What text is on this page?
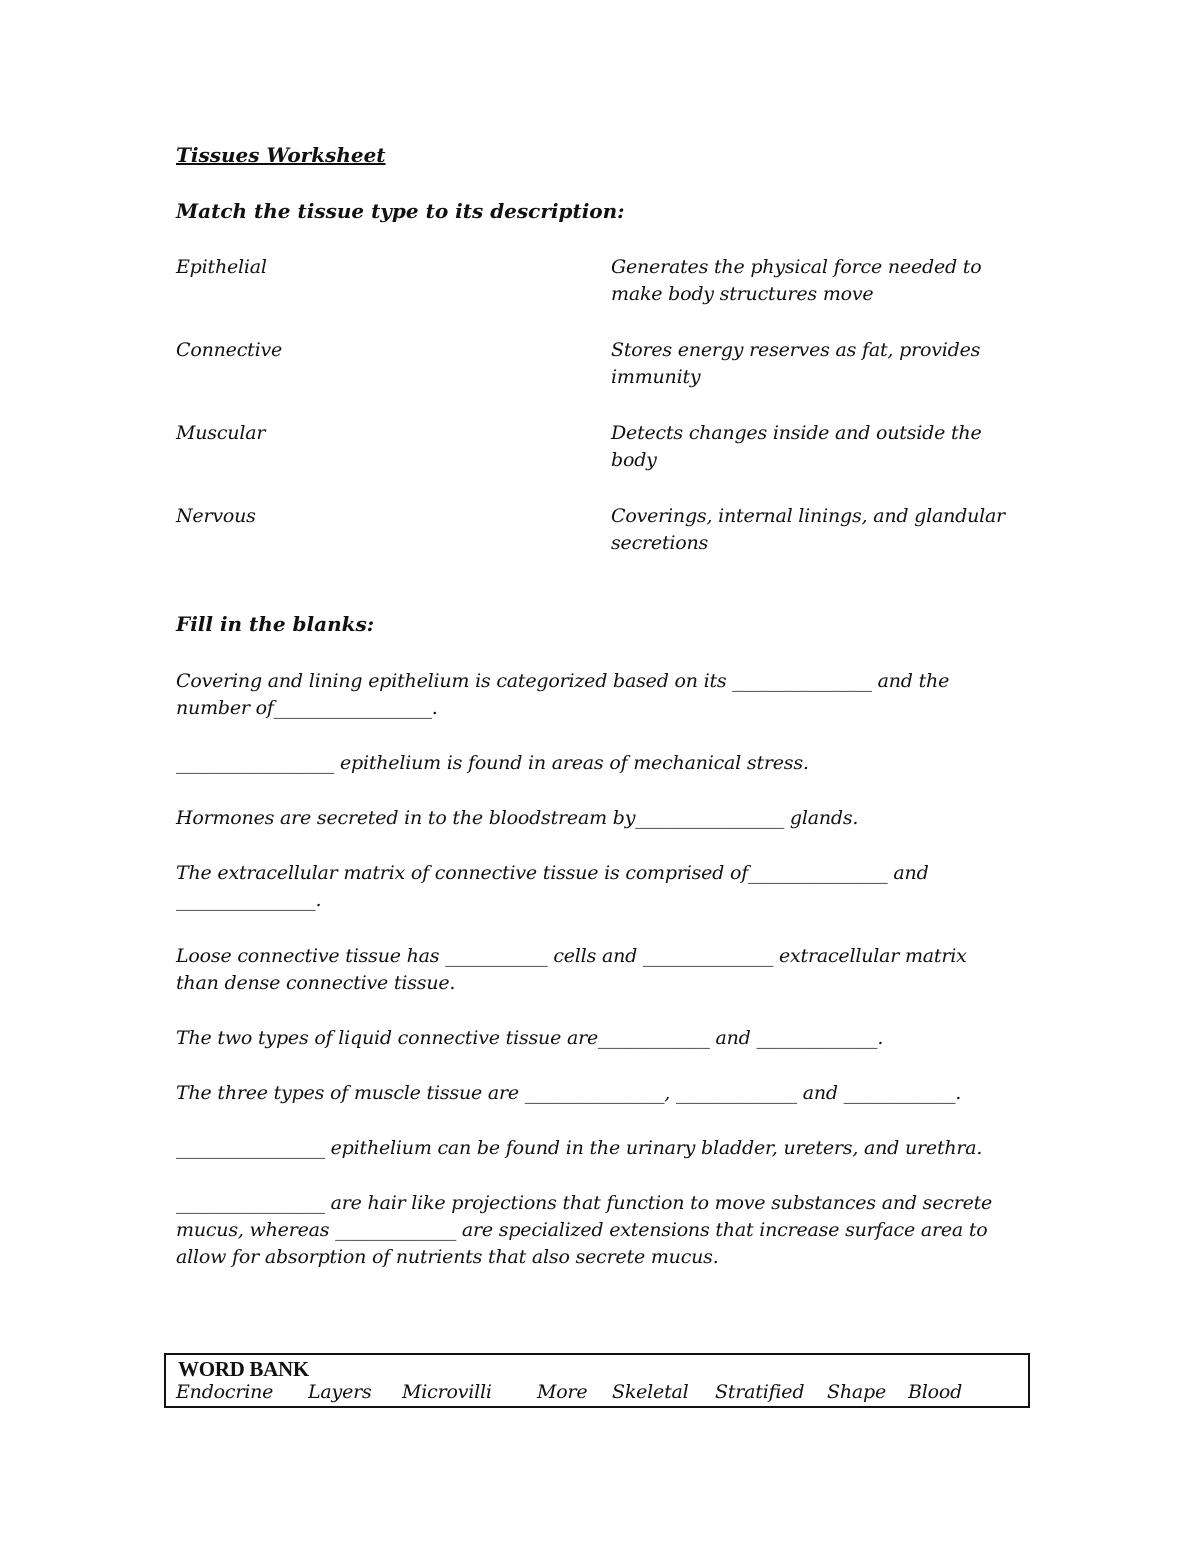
Tissues Worksheet
Match the tissue type to its description:
Epithelial	Generates the physical force needed to
make body structures move
Connective	Stores energy reserves as fat, provides
immunity
Muscular	Detects changes inside and outside the
body
Nervous	Coverings, internal linings, and glandular
secretions
Fill in the blanks:
Covering and lining epithelium is categorized based on its _______________ and the
number of_________________.
_________________ epithelium is found in areas of mechanical stress.
Hormones are secreted in to the bloodstream by________________ glands.
The extracellular matrix of connective tissue is comprised of_______________ and
_______________.
Loose connective tissue has ___________ cells and ______________ extracellular matrix
than dense connective tissue.
The two types of liquid connective tissue are____________ and _____________.
The three types of muscle tissue are _______________, _____________ and ____________.
________________ epithelium can be found in the urinary bladder, ureters, and urethra.
________________ are hair like projections that function to move substances and secrete
mucus, whereas _____________ are specialized extensions that increase surface area to
allow for absorption of nutrients that also secrete mucus.
WORD BANK
Endocrine Layers Microvilli More Skeletal Stratified Shape Blood
